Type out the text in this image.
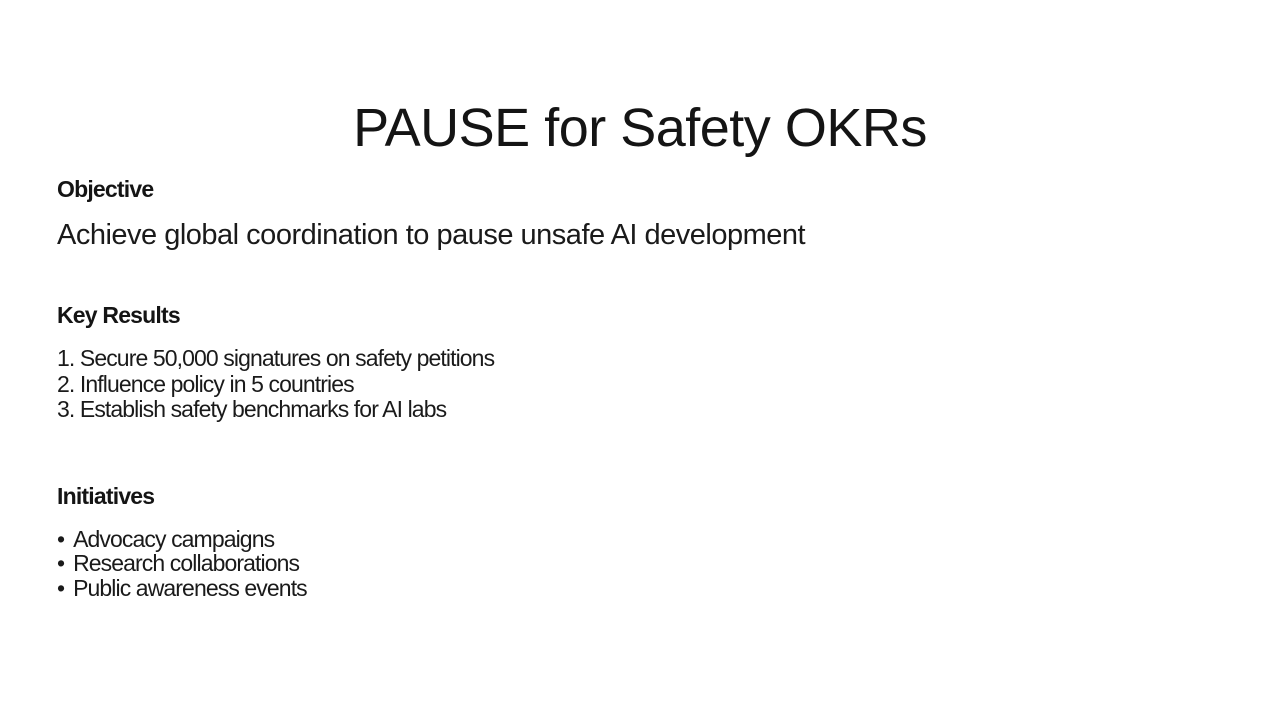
PAUSE for Safety OKRs
Objective
Achieve global coordination to pause unsafe AI development
Key Results
1. Secure 50,000 signatures on safety petitions
2. Influence policy in 5 countries
3. Establish safety benchmarks for AI labs
Initiatives
• Advocacy campaigns
• Research collaborations
• Public awareness events
